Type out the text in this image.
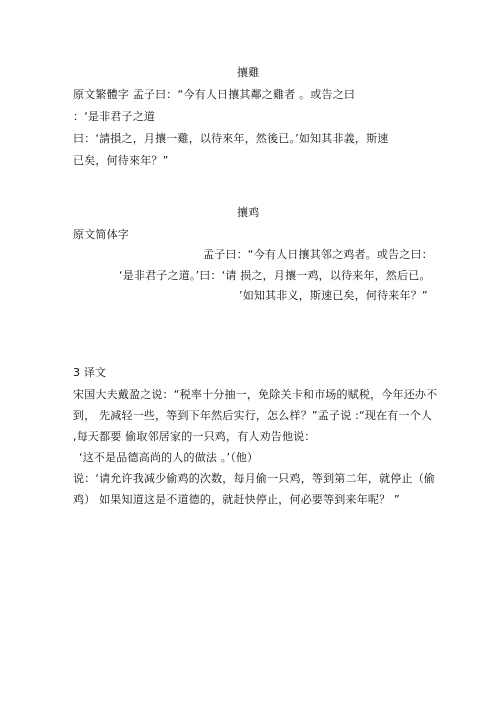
攘雞
原文繁體字 孟子曰：“今有人日攘其鄰之雞者 。或告之曰
：‘是非君子之道
曰：‘請損之，月攘一雞，以待來年，然後已。’如知其非義，斯速
已矣，何待來年？”
攘鸡
原文简体字
孟子曰：“今有人日攘其邻之鸡者。或告之曰：
‘是非君子之道。’曰：‘请 损之，月攘一鸡，以待来年，然后已。
’如知其非义，斯速已矣，何待来年？”
3 译文
宋国大夫戴盈之说：“税率十分抽一，免除关卡和市场的赋税，今年还办不
到， 先减轻一些，等到下年然后实行，怎么样？”孟子说 :“现在有一个人
,每天都要 偷取邻居家的一只鸡，有人劝告他说：
‘这不是品德高尚的人的做法 。’（他）
说：‘请允许我减少偷鸡的次数，每月偷一只鸡，等到第二年，就停止（偷
鸡） 如果知道这是不道德的，就赶快停止，何必要等到来年呢？ ”
